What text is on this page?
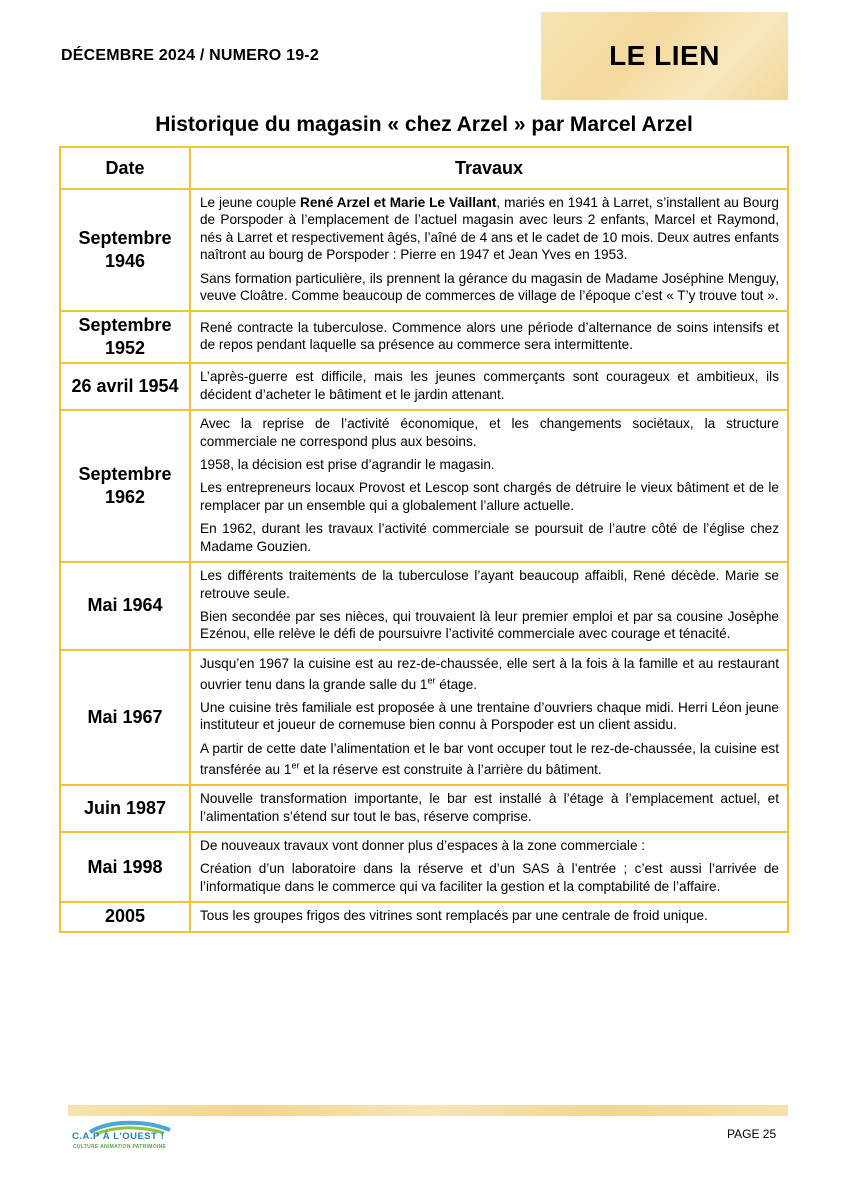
DÉCEMBRE 2024 / NUMERO 19-2	LE LIEN
Historique du magasin « chez Arzel » par Marcel Arzel
Date	Travaux
Septembre 1946	Le jeune couple René Arzel et Marie Le Vaillant, mariés en 1941 à Larret, s’installent au Bourg de Porspoder à l’emplacement de l’actuel magasin avec leurs 2 enfants, Marcel et Raymond, nés à Larret et respectivement âgés, l’aîné de 4 ans et le cadet de 10 mois. Deux autres enfants naîtront au bourg de Porspoder : Pierre en 1947 et Jean Yves en 1953.

Sans formation particulière, ils prennent la gérance du magasin de Madame Joséphine Menguy, veuve Cloâtre. Comme beaucoup de commerces de village de l’époque c’est « T’y trouve tout ».

Septembre 1952	René contracte la tuberculose. Commence alors une période d’alternance de soins intensifs et de repos pendant laquelle sa présence au commerce sera intermittente.

26 avril 1954	L’après-guerre est difficile, mais les jeunes commerçants sont courageux et ambitieux, ils décident d’acheter le bâtiment et le jardin attenant.

Septembre 1962	Avec la reprise de l’activité économique, et les changements sociétaux, la structure commerciale ne correspond plus aux besoins.

1958, la décision est prise d’agrandir le magasin.

Les entrepreneurs locaux Provost et Lescop sont chargés de détruire le vieux bâtiment et de le remplacer par un ensemble qui a globalement l’allure actuelle.

En 1962, durant les travaux l’activité commerciale se poursuit de l’autre côté de l’église chez Madame Gouzien.

Mai 1964	Les différents traitements de la tuberculose l’ayant beaucoup affaibli, René décède. Marie se retrouve seule.

Bien secondée par ses nièces, qui trouvaient là leur premier emploi et par sa cousine Josèphe Ezénou, elle relève le défi de poursuivre l’activité commerciale avec courage et ténacité.

Mai 1967	Jusqu’en 1967 la cuisine est au rez-de-chaussée, elle sert à la fois à la famille et au restaurant ouvrier tenu dans la grande salle du 1er étage.

Une cuisine très familiale est proposée à une trentaine d’ouvriers chaque midi. Herri Léon jeune instituteur et joueur de cornemuse bien connu à Porspoder est un client assidu.

A partir de cette date l’alimentation et le bar vont occuper tout le rez-de-chaussée, la cuisine est transférée au 1er et la réserve est construite à l’arrière du bâtiment.

Juin 1987	Nouvelle transformation importante, le bar est installé à l’étage à l’emplacement actuel, et l’alimentation s’étend sur tout le bas, réserve comprise.

Mai 1998	De nouveaux travaux vont donner plus d’espaces à la zone commerciale :

Création d’un laboratoire dans la réserve et d’un SAS à l’entrée ; c’est aussi l’arrivée de l’informatique dans le commerce qui va faciliter la gestion et la comptabilité de l’affaire.

2005	Tous les groupes frigos des vitrines sont remplacés par une centrale de froid unique.

C.A.P À L’OUEST !
CULTURE ANIMATION PATRIMOINE
PAGE 25
